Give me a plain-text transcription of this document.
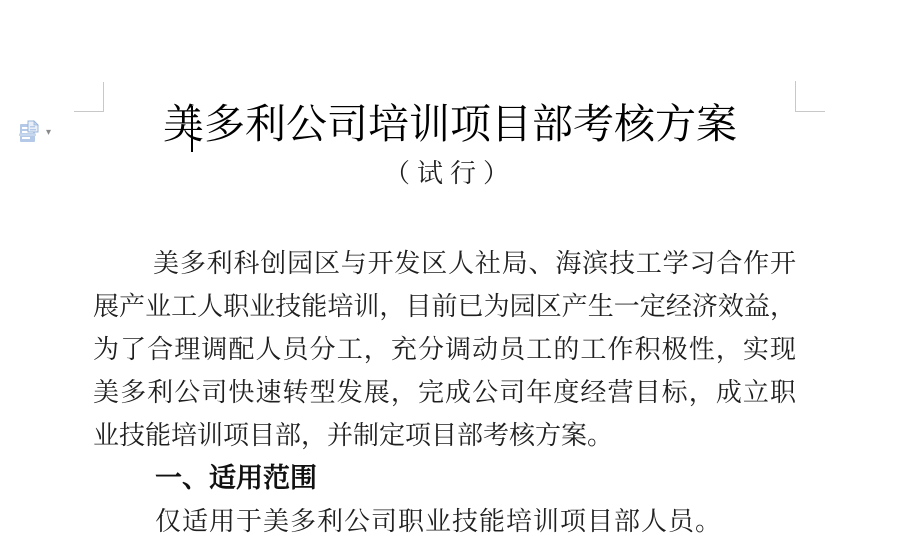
▾	美多利公司培训项目部考核方案
（试行）
美多利科创园区与开发区人社局、海滨技工学习合作开
展产业工人职业技能培训，目前已为园区产生一定经济效益，
为了合理调配人员分工，充分调动员工的工作积极性，实现
美多利公司快速转型发展，完成公司年度经营目标，成立职
业技能培训项目部，并制定项目部考核方案。
一、适用范围
仅适用于美多利公司职业技能培训项目部人员。
